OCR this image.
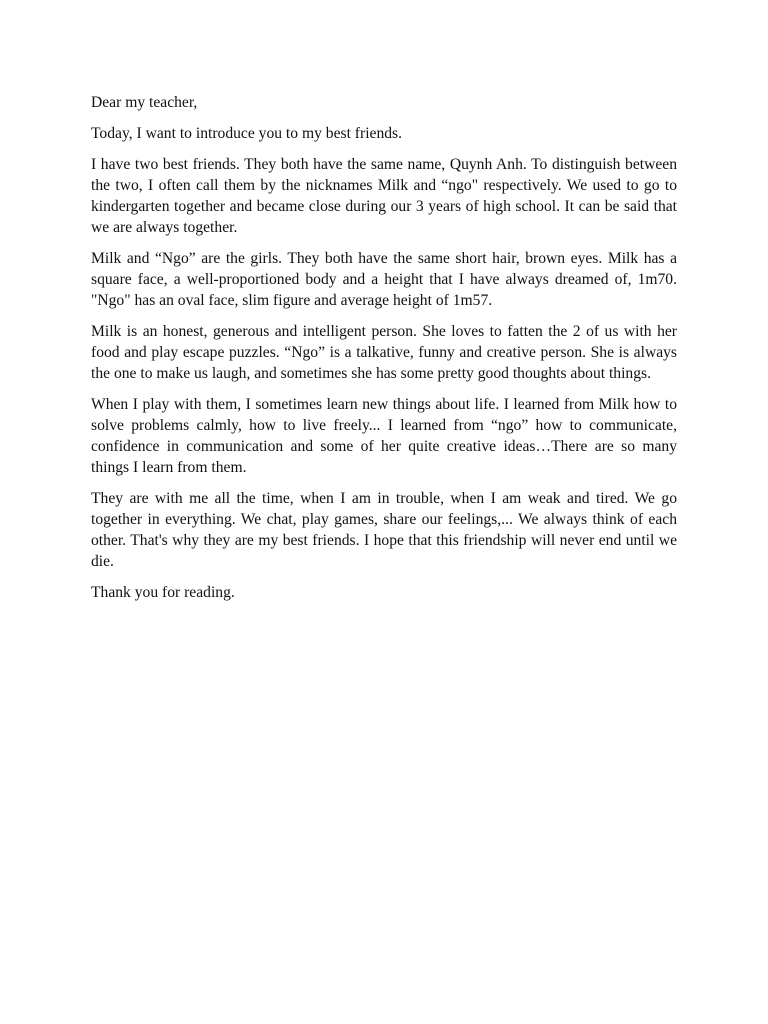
Dear my teacher,

Today, I want to introduce you to my best friends.

I have two best friends. They both have the same name, Quynh Anh. To distinguish between the two, I often call them by the nicknames Milk and “ngo" respectively. We used to go to kindergarten together and became close during our 3 years of high school. It can be said that we are always together.

Milk and “Ngo” are the girls. They both have the same short hair, brown eyes. Milk has a square face, a well-proportioned body and a height that I have always dreamed of, 1m70. "Ngo" has an oval face, slim figure and average height of 1m57.

Milk is an honest, generous and intelligent person. She loves to fatten the 2 of us with her food and play escape puzzles. “Ngo” is a talkative, funny and creative person. She is always the one to make us laugh, and sometimes she has some pretty good thoughts about things.

When I play with them, I sometimes learn new things about life. I learned from Milk how to solve problems calmly, how to live freely... I learned from “ngo” how to communicate, confidence in communication and some of her quite creative ideas…There are so many things I learn from them.

They are with me all the time, when I am in trouble, when I am weak and tired. We go together in everything. We chat, play games, share our feelings,... We always think of each other. That's why they are my best friends. I hope that this friendship will never end until we die.

Thank you for reading.
